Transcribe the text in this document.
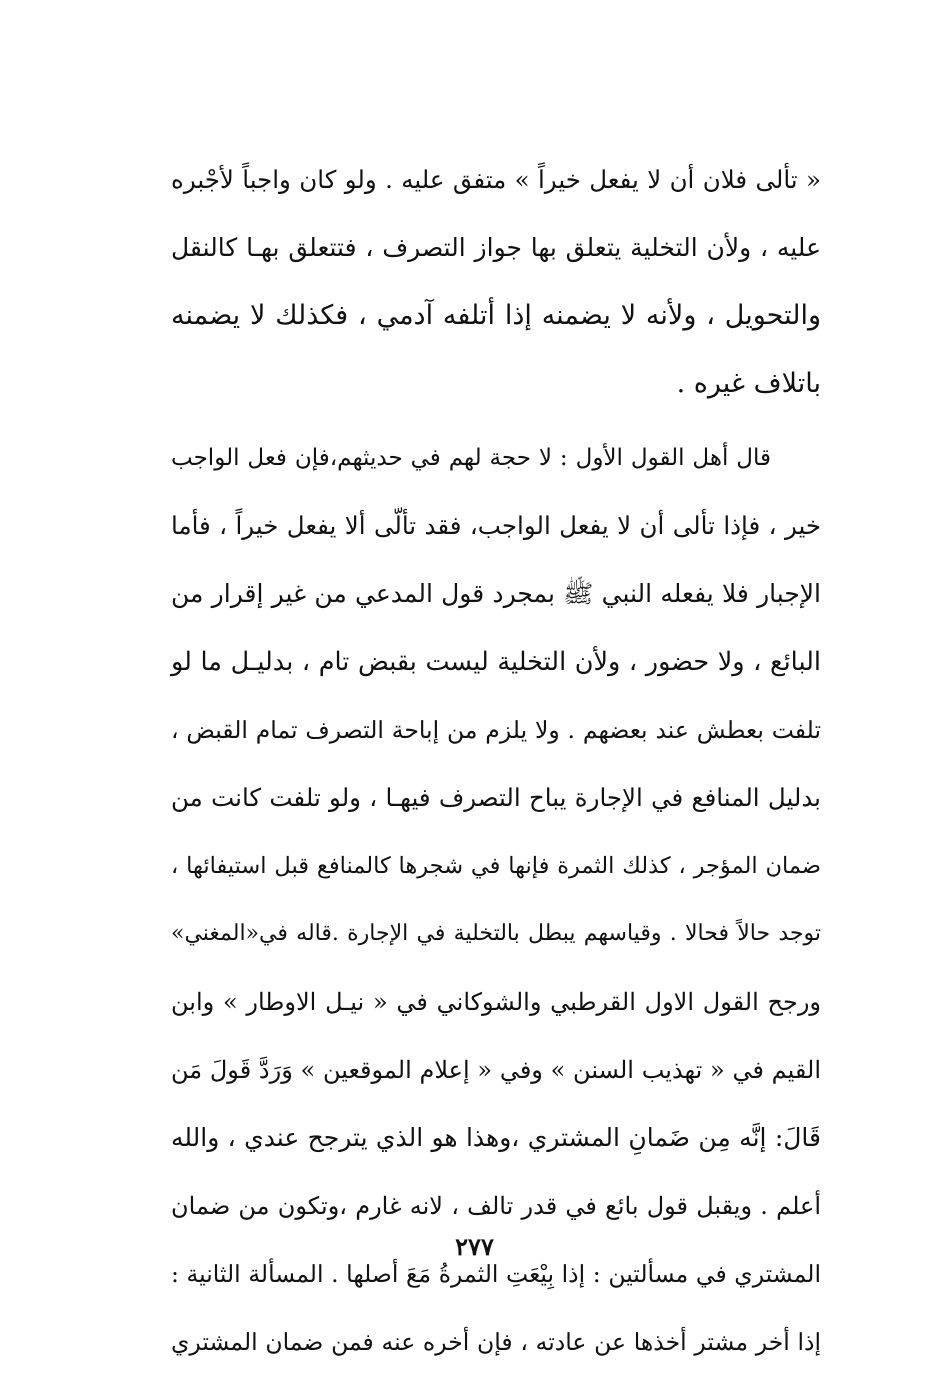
« تألى فلان أن لا يفعل خيراً » متفق عليه . ولو كان واجباً لأجْبره
عليه ، ولأن التخلية يتعلق بها جواز التصرف ، فتتعلق بهـا كالنقل
والتحويل ، ولأنه لا يضمنه إذا أتلفه آدمي ، فكذلك لا يضمنه
باتلاف غيره .
قال أهل القول الأول : لا حجة لهم في حديثهم،فإن فعل الواجب
خير ، فإذا تألى أن لا يفعل الواجب، فقد تألّى ألا يفعل خيراً ، فأما
الإجبار فلا يفعله النبي ﷺ بمجرد قول المدعي من غير إقرار من
البائع ، ولا حضور ، ولأن التخلية ليست بقبض تام ، بدليـل ما لو
تلفت بعطش عند بعضهم . ولا يلزم من إباحة التصرف تمام القبض ،
بدليل المنافع في الإجارة يباح التصرف فيهـا ، ولو تلفت كانت من
ضمان المؤجر ، كذلك الثمرة فإنها في شجرها كالمنافع قبل استيفائها ،
توجد حالاً فحالا . وقياسهم يبطل بالتخلية في الإجارة .قاله في«المغني»
ورجح القول الاول القرطبي والشوكاني في « نيـل الاوطار » وابن
القيم في « تهذيب السنن » وفي « إعلام الموقعين » وَرَدَّ قَولَ مَن
قَالَ: إنَّه مِن ضَمانِ المشتري ،وهذا هو الذي يترجح عندي ، والله
أعلم . ويقبل قول بائع في قدر تالف ، لانه غارم ،وتكون من ضمان
المشتري في مسألتين : إذا بِيْعَتِ الثمرةُ مَعَ أصلها . المسألة الثانية :
إذا أخر مشتر أخذها عن عادته ، فإن أخره عنه فمن ضمان المشتري
٢٧٧
